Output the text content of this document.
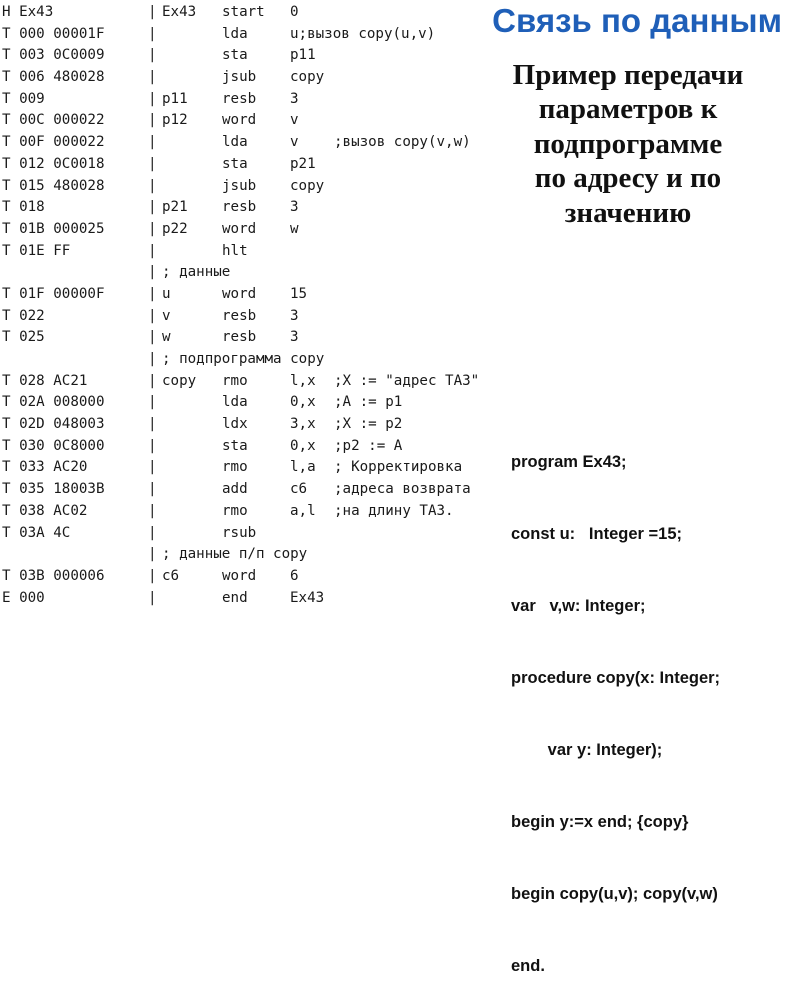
Связь по данным
Пример передачи
параметров к
подпрограмме
по адресу и по
значению
H Ex43	| Ex43	start	0
T 000 00001F	|	lda	u;вызов copy(u,v)
T 003 0C0009	|	sta	p11
T 006 480028	|	jsub	copy
T 009	| p11	resb	3
T 00C 000022	| p12	word	v
T 00F 000022	|	lda	v	;вызов copy(v,w)
T 012 0C0018	|	sta	p21
T 015 480028	|	jsub	copy
T 018	| p21	resb	3
T 01B 000025	| p22	word	w
T 01E FF	|	hlt
| ; данные
T 01F 00000F	| u	word	15
T 022	| v	resb	3
T 025	| w	resb	3
| ; подпрограмма copy
T 028 AC21	| copy	rmo	l,x	;X := "адрес ТАЗ"
T 02A 008000	|	lda	0,x	;A := p1
T 02D 048003	|	ldx	3,x	;X := p2
T 030 0C8000	|	sta	0,x	;p2 := A
T 033 AC20	|	rmo	l,a	; Корректировка
T 035 18003B	|	add	c6	;адреса возврата
T 038 AC02	|	rmo	a,l	;на длину ТАЗ.
T 03A 4C	|	rsub
| ; данные п/п copy
T 03B 000006	| c6	word	6
E 000	|	end	Ex43

program Ex43;

const u:   Integer =15;

var   v,w: Integer;

procedure copy(x: Integer;

var y: Integer);

begin y:=x end; {copy}

begin copy(u,v); copy(v,w)

end.
